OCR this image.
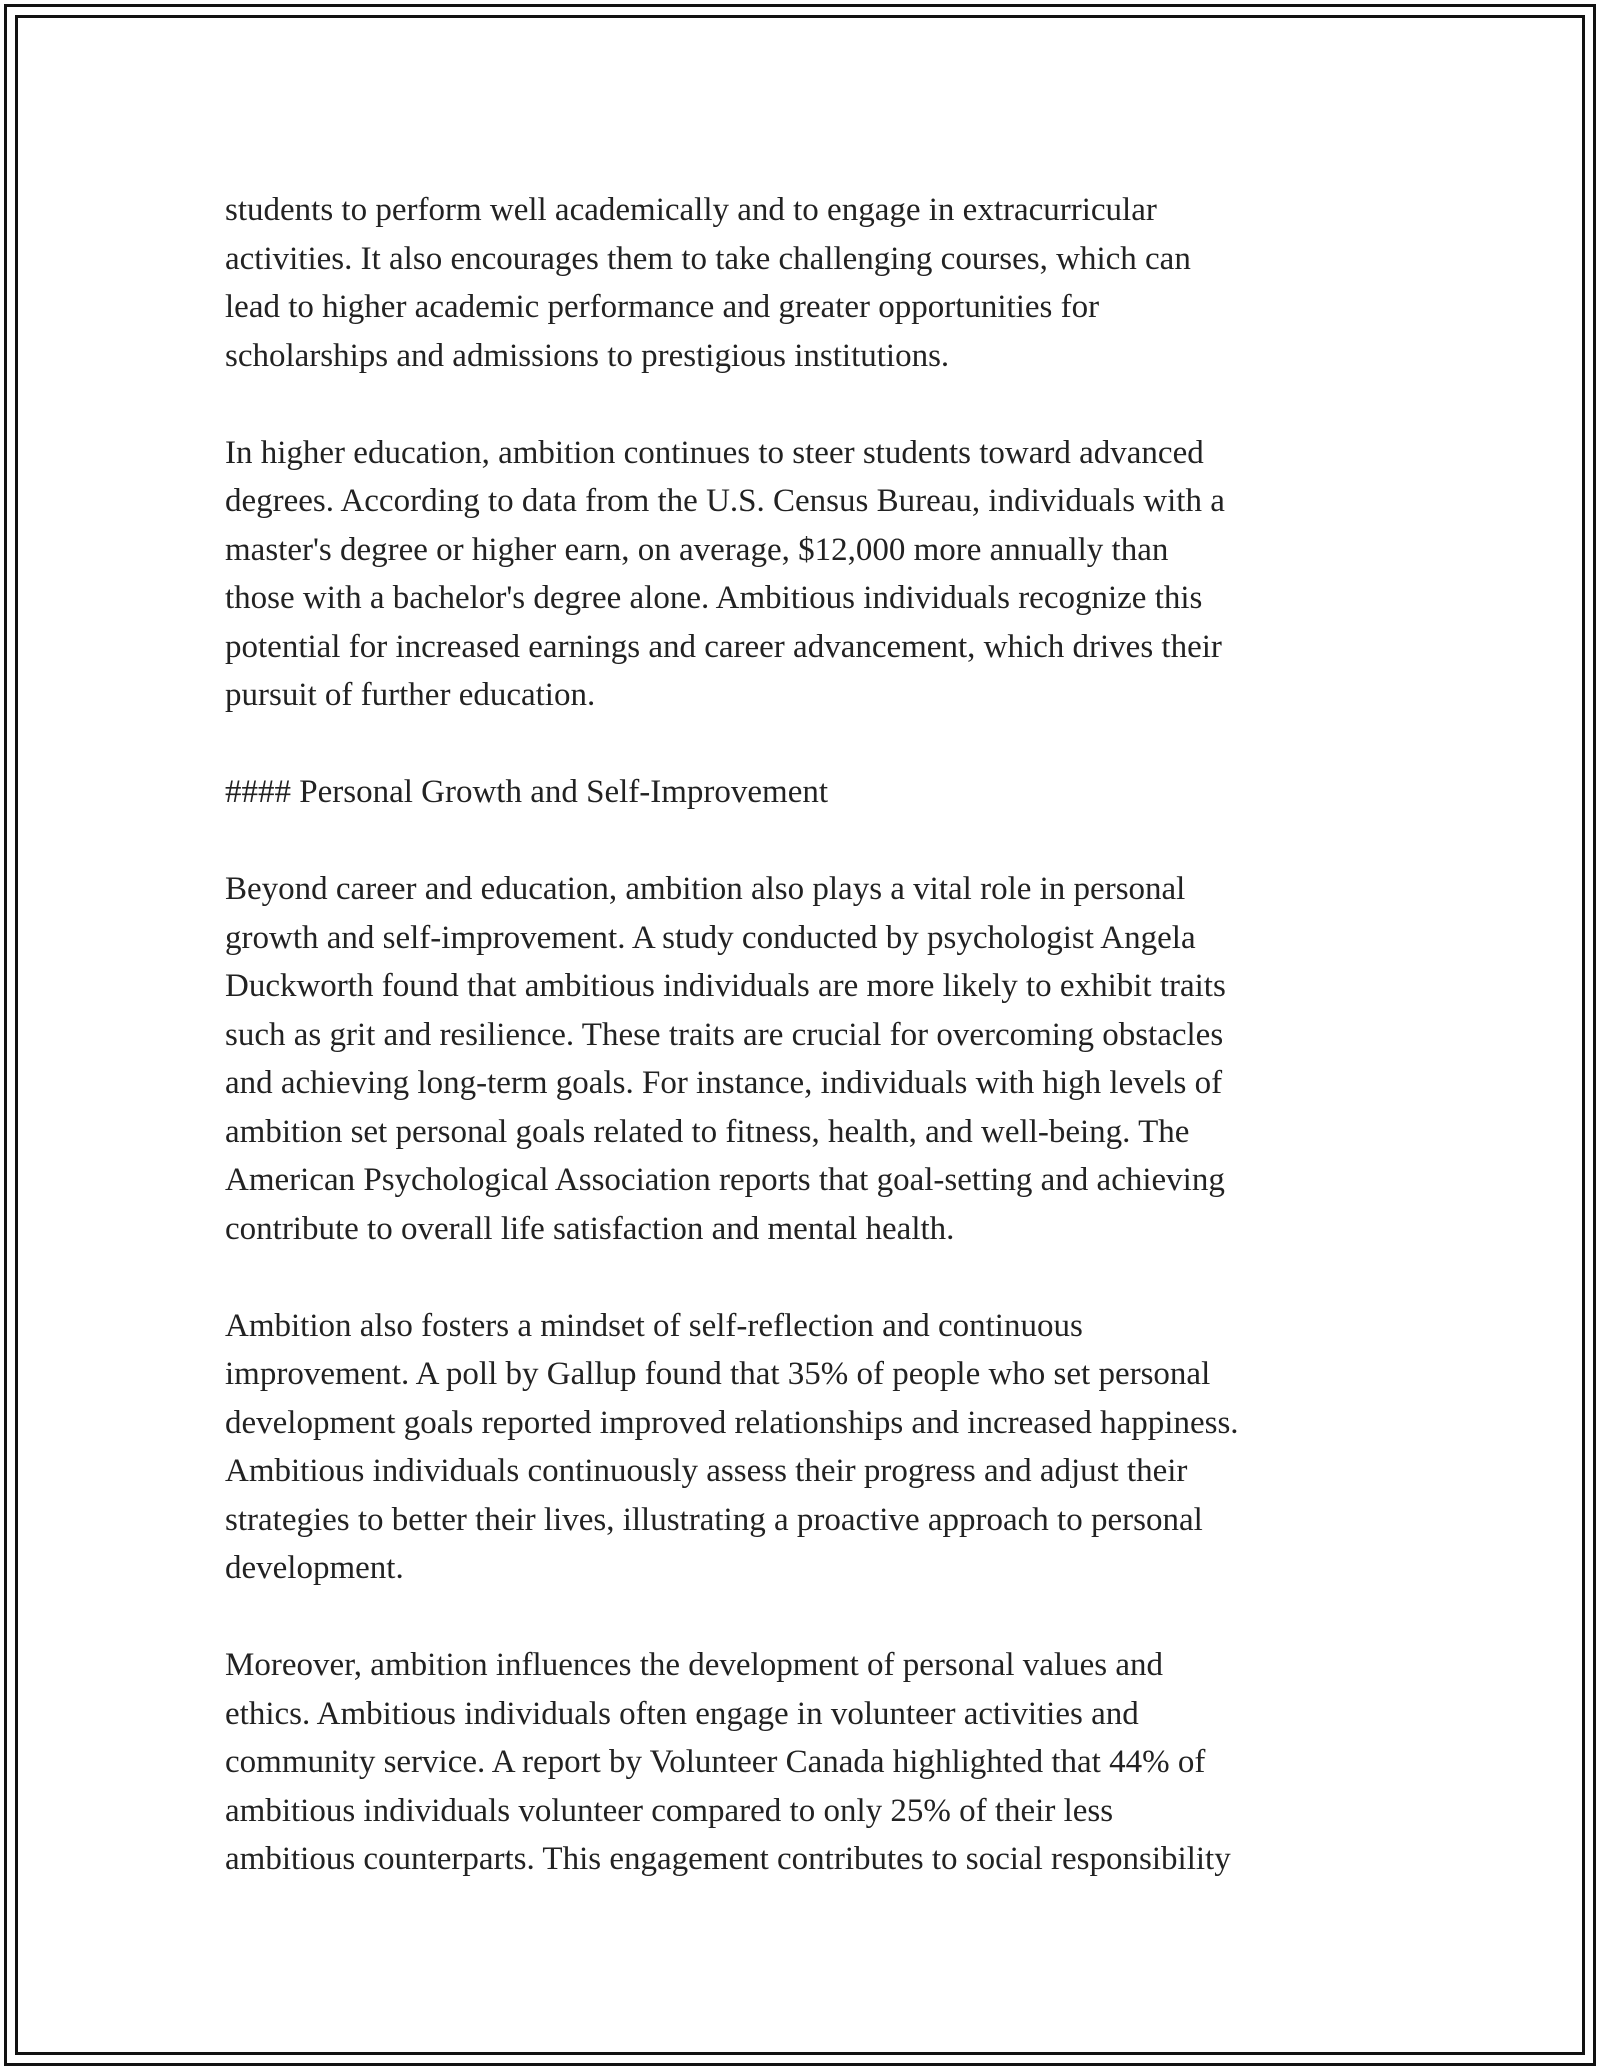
students to perform well academically and to engage in extracurricular
activities. It also encourages them to take challenging courses, which can
lead to higher academic performance and greater opportunities for
scholarships and admissions to prestigious institutions.

In higher education, ambition continues to steer students toward advanced
degrees. According to data from the U.S. Census Bureau, individuals with a
master's degree or higher earn, on average, $12,000 more annually than
those with a bachelor's degree alone. Ambitious individuals recognize this
potential for increased earnings and career advancement, which drives their
pursuit of further education.

#### Personal Growth and Self-Improvement

Beyond career and education, ambition also plays a vital role in personal
growth and self-improvement. A study conducted by psychologist Angela
Duckworth found that ambitious individuals are more likely to exhibit traits
such as grit and resilience. These traits are crucial for overcoming obstacles
and achieving long-term goals. For instance, individuals with high levels of
ambition set personal goals related to fitness, health, and well-being. The
American Psychological Association reports that goal-setting and achieving
contribute to overall life satisfaction and mental health.

Ambition also fosters a mindset of self-reflection and continuous
improvement. A poll by Gallup found that 35% of people who set personal
development goals reported improved relationships and increased happiness.
Ambitious individuals continuously assess their progress and adjust their
strategies to better their lives, illustrating a proactive approach to personal
development.

Moreover, ambition influences the development of personal values and
ethics. Ambitious individuals often engage in volunteer activities and
community service. A report by Volunteer Canada highlighted that 44% of
ambitious individuals volunteer compared to only 25% of their less
ambitious counterparts. This engagement contributes to social responsibility
